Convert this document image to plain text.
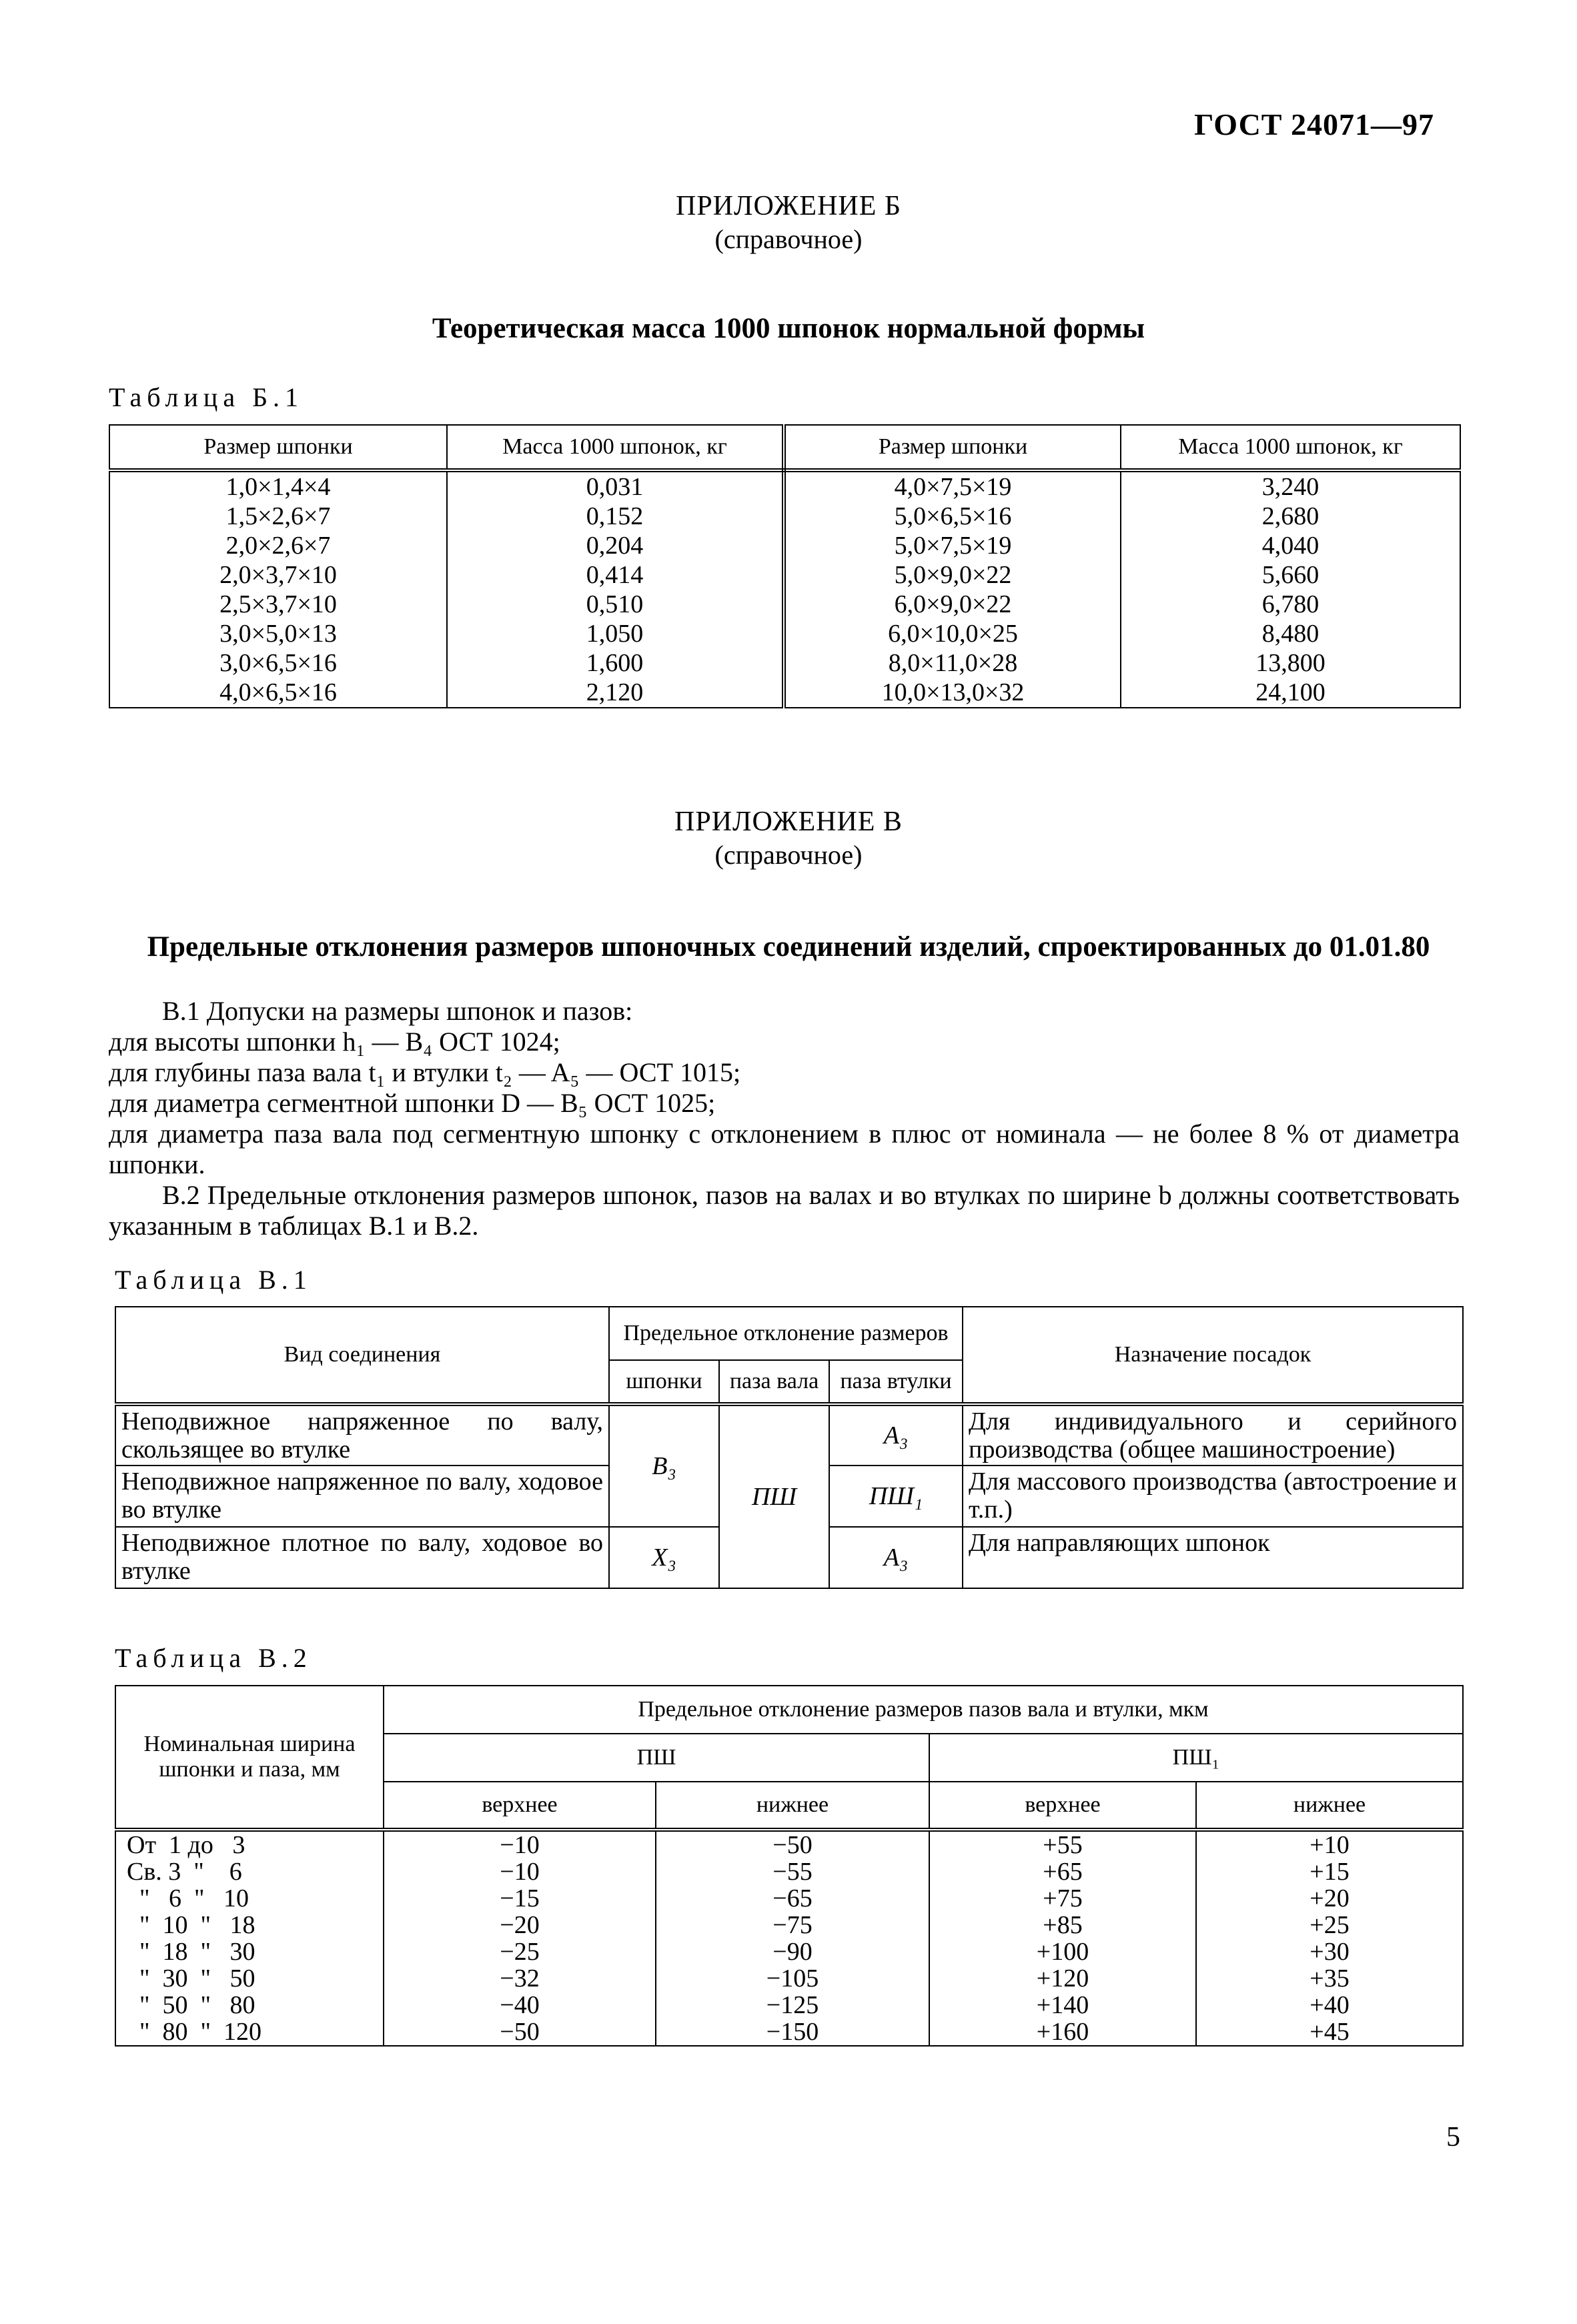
ГОСТ 24071—97
ПРИЛОЖЕНИЕ Б
(справочное)
Теоретическая масса 1000 шпонок нормальной формы
Таблица Б.1
Размер шпонки	Масса 1000 шпонок, кг	Размер шпонки	Масса 1000 шпонок, кг
1,0×1,4×4	0,031	4,0×7,5×19	3,240
1,5×2,6×7	0,152	5,0×6,5×16	2,680
2,0×2,6×7	0,204	5,0×7,5×19	4,040
2,0×3,7×10	0,414	5,0×9,0×22	5,660
2,5×3,7×10	0,510	6,0×9,0×22	6,780
3,0×5,0×13	1,050	6,0×10,0×25	8,480
3,0×6,5×16	1,600	8,0×11,0×28	13,800
4,0×6,5×16	2,120	10,0×13,0×32	24,100
ПРИЛОЖЕНИЕ В
(справочное)
Предельные отклонения размеров шпоночных соединений изделий, спроектированных до 01.01.80

В.1 Допуски на размеры шпонок и пазов:

для высоты шпонки h₁ — B₄ ОСТ 1024;

для глубины паза вала t₁ и втулки t₂ — A₅ — ОСТ 1015;

для диаметра сегментной шпонки D — B₅ ОСТ 1025;

для диаметра паза вала под сегментную шпонку с отклонением в плюс от номинала — не более 8 % от диаметра шпонки.

В.2 Предельные отклонения размеров шпонок, пазов на валах и во втулках по ширине b должны соответствовать указанным в таблицах В.1 и В.2.

Таблица В.1
Вид соединения	Предельное отклонение размеров			Назначение посадок
	шпонки	паза вала	паза втулки	
Неподвижное напряженное по валу, скользящее во втулке	B₃	ПШ	A₃	Для индивидуального и серийного производства (общее машиностроение)
Неподвижное напряженное по валу, ходовое во втулке			ПШ₁	Для массового производства (автостроение и т.п.)
Неподвижное плотное по валу, ходовое во втулке	X₃		A₃	Для направляющих шпонок
Таблица В.2
Номинальная ширина шпонки и паза, мм	Предельное отклонение размеров пазов вала и втулки, мкм			
	ПШ		ПШ₁	
	верхнее	нижнее	верхнее	нижнее
От  1 до   3	−10	−50	+55	+10
Св. 3  "    6	−10	−55	+65	+15
"   6  "   10	−15	−65	+75	+20
"  10  "   18	−20	−75	+85	+25
"  18  "   30	−25	−90	+100	+30
"  30  "   50	−32	−105	+120	+35
"  50  "   80	−40	−125	+140	+40
"  80  "  120	−50	−150	+160	+45
5
